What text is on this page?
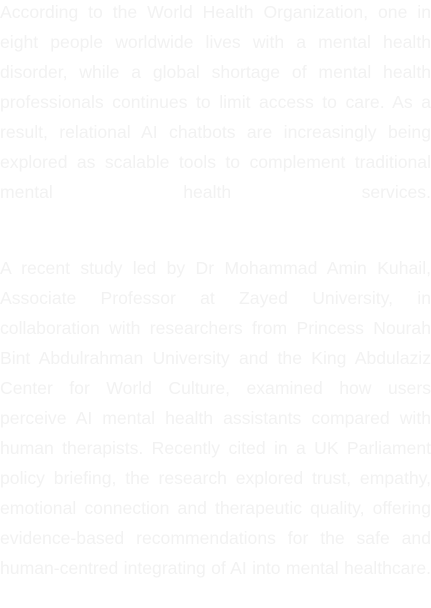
According to the World Health Organization, one in eight people worldwide lives with a mental health disorder, while a global shortage of mental health professionals continues to limit access to care. As a result, relational AI chatbots are increasingly being explored as scalable tools to complement traditional mental health services.

A recent study led by Dr Mohammad Amin Kuhail, Associate Professor at Zayed University, in collaboration with researchers from Princess Nourah Bint Abdulrahman University and the King Abdulaziz Center for World Culture, examined how users perceive AI mental health assistants compared with human therapists. Recently cited in a UK Parliament policy briefing, the research explored trust, empathy, emotional connection and therapeutic quality, offering evidence-based recommendations for the safe and human-centred integrating of AI into mental healthcare.
